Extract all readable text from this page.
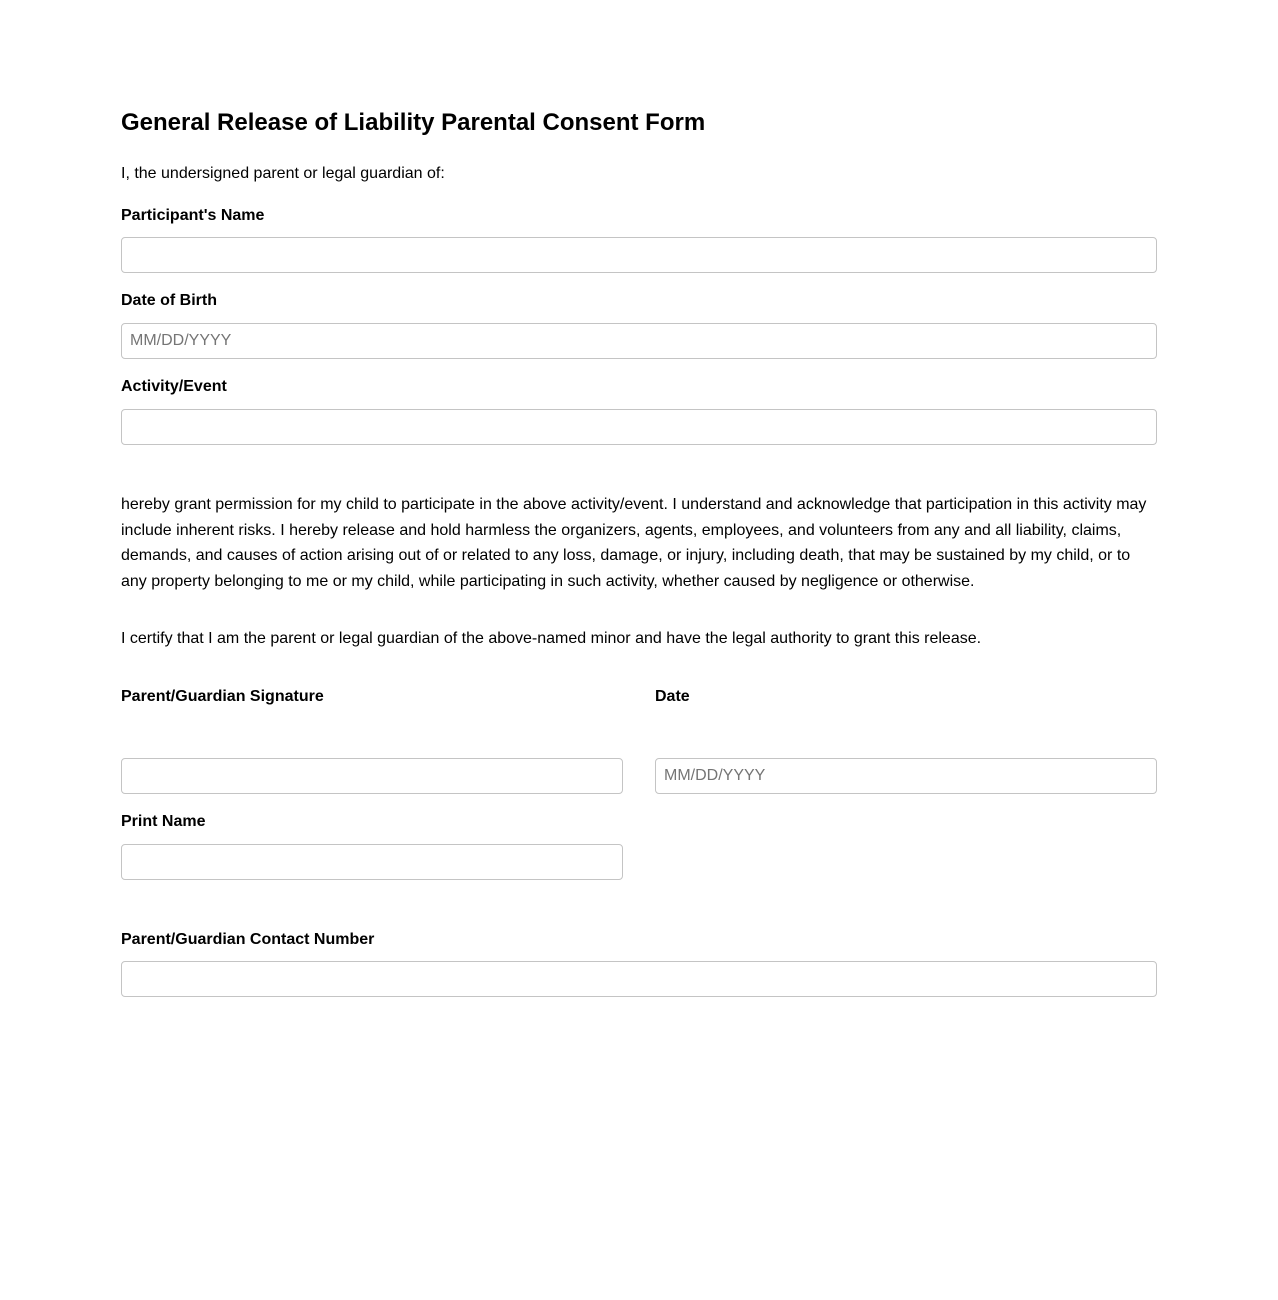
General Release of Liability Parental Consent Form

I, the undersigned parent or legal guardian of:

Participant's Name
Date of Birth
MM/DD/YYYY
Activity/Event

hereby grant permission for my child to participate in the above activity/event. I understand and acknowledge that participation in this activity may include inherent risks. I hereby release and hold harmless the organizers, agents, employees, and volunteers from any and all liability, claims, demands, and causes of action arising out of or related to any loss, damage, or injury, including death, that may be sustained by my child, or to any property belonging to me or my child, while participating in such activity, whether caused by negligence or otherwise.

I certify that I am the parent or legal guardian of the above-named minor and have the legal authority to grant this release.

Parent/Guardian Signature	Date
MM/DD/YYYY
Print Name
Parent/Guardian Contact Number
